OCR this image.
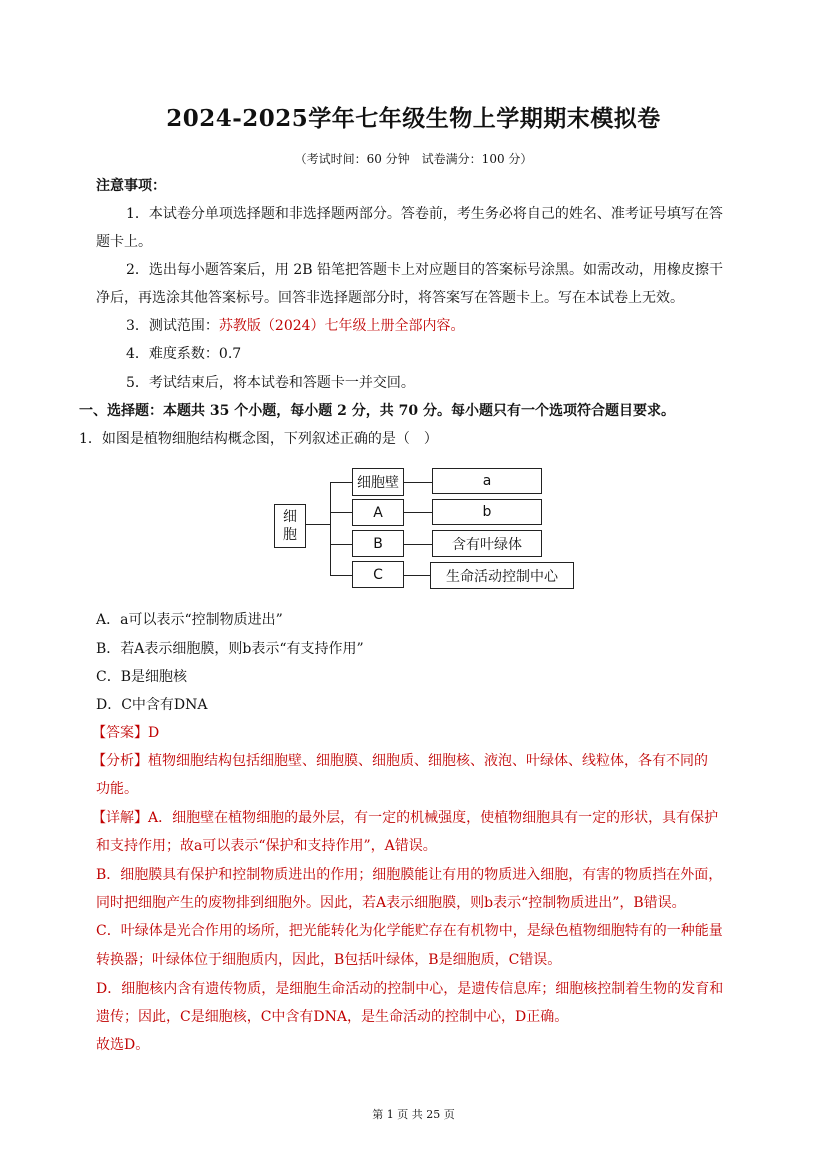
2024-2025学年七年级生物上学期期末模拟卷
（考试时间：60 分钟　试卷满分：100 分）
注意事项：
1．本试卷分单项选择题和非选择题两部分。答卷前，考生务必将自己的姓名、准考证号填写在答
题卡上。
2．选出每小题答案后，用 2B 铅笔把答题卡上对应题目的答案标号涂黑。如需改动，用橡皮擦干
净后，再选涂其他答案标号。回答非选择题部分时，将答案写在答题卡上。写在本试卷上无效。
3．测试范围：苏教版（2024）七年级上册全部内容。
4．难度系数：0.7
5．考试结束后，将本试卷和答题卡一并交回。
一、选择题：本题共 35 个小题，每小题 2 分，共 70 分。每小题只有一个选项符合题目要求。
1．如图是植物细胞结构概念图，下列叙述正确的是（　）
细胞
细胞壁
A
B
C
a
b
含有叶绿体
生命活动控制中心
A．a可以表示“控制物质进出”
B．若A表示细胞膜，则b表示“有支持作用”
C．B是细胞核
D．C中含有DNA
【答案】D
【分析】植物细胞结构包括细胞壁、细胞膜、细胞质、细胞核、液泡、叶绿体、线粒体，各有不同的
功能。
【详解】A．细胞壁在植物细胞的最外层，有一定的机械强度，使植物细胞具有一定的形状，具有保护
和支持作用；故a可以表示“保护和支持作用”，A错误。
B．细胞膜具有保护和控制物质进出的作用；细胞膜能让有用的物质进入细胞，有害的物质挡在外面，
同时把细胞产生的废物排到细胞外。因此，若A表示细胞膜，则b表示“控制物质进出”，B错误。
C．叶绿体是光合作用的场所，把光能转化为化学能贮存在有机物中，是绿色植物细胞特有的一种能量
转换器；叶绿体位于细胞质内，因此，B包括叶绿体，B是细胞质，C错误。
D．细胞核内含有遗传物质，是细胞生命活动的控制中心，是遗传信息库；细胞核控制着生物的发育和
遗传；因此，C是细胞核，C中含有DNA，是生命活动的控制中心，D正确。
故选D。
第 1 页 共 25 页
